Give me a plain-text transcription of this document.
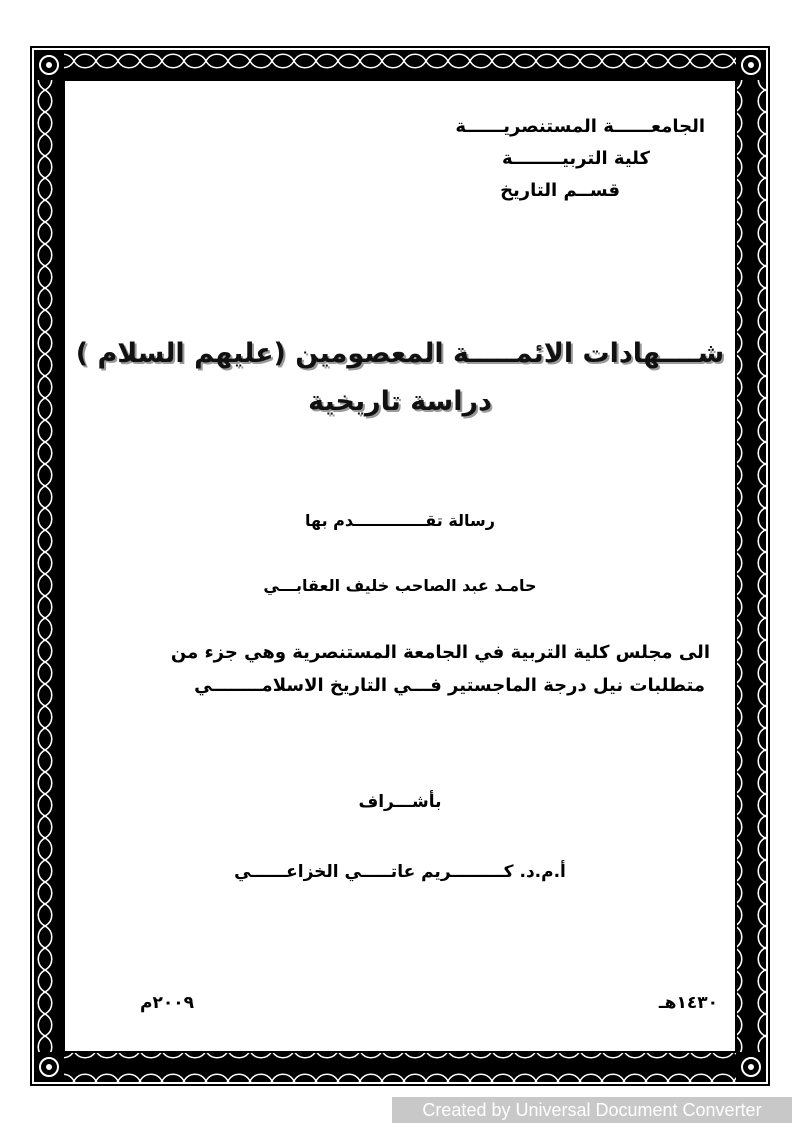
الجامعــــــة المستنصريــــــة
كلية التربيــــــــة
قســم التاريخ
شــــهادات الائمـــــة المعصومين (عليهم السلام )
دراسة تاريخية
رسالة تقـــــــــــــدم بها
حامـد عبد الصاحب خليف العقابـــي
الى مجلس كلية التربية في الجامعة المستنصرية وهي جزء من
متطلبات نيل درجة الماجستير فـــي التاريخ الاسلامــــــــي
بأشـــراف
أ.م.د. كـــــــــريم عاتـــــي الخزاعــــــي
١٤٣٠هـ
٢٠٠٩م
Created by Universal Document Converter
